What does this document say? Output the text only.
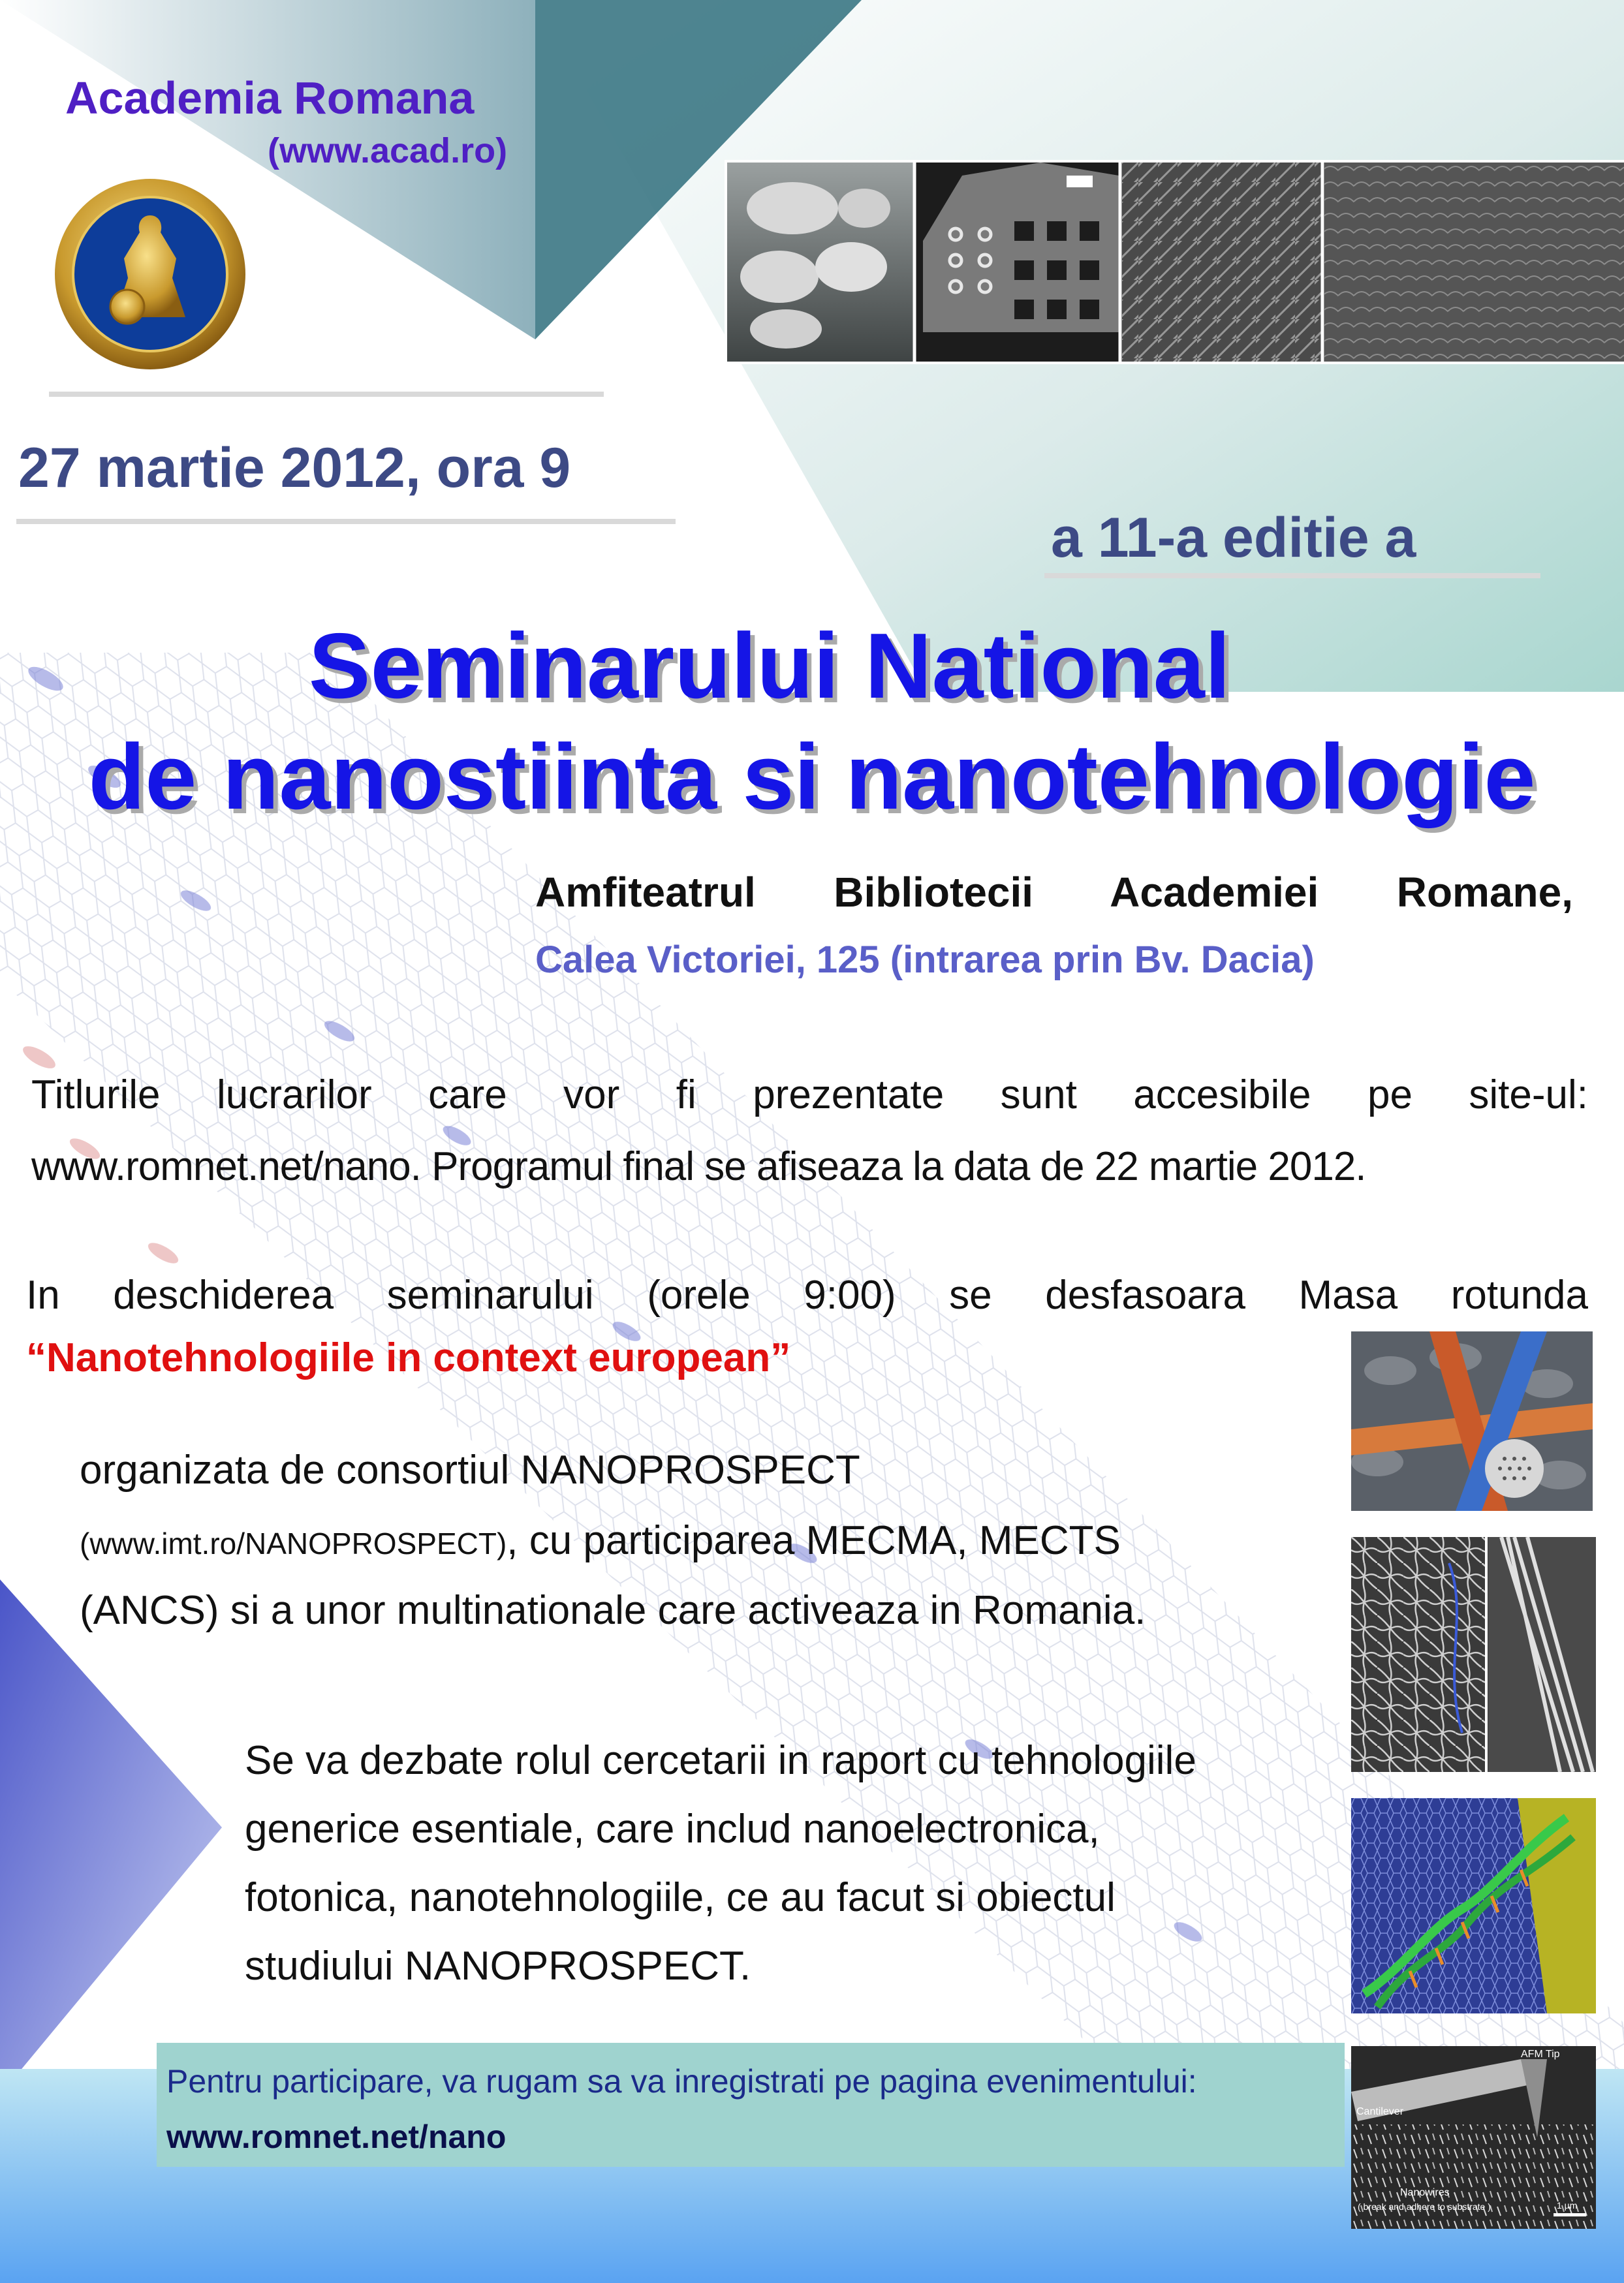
Academia Romana
(www.acad.ro)
27 martie 2012, ora 9
a 11-a editie a
Seminarului National
de nanostiinta si nanotehnologie
Amfiteatrul Bibliotecii Academiei Romane,
Calea Victoriei, 125 (intrarea prin Bv. Dacia)
Titlurile lucrarilor care vor fi prezentate sunt accesibile pe site-ul:
www.romnet.net/nano. Programul final se afiseaza la data de 22 martie 2012.
In deschiderea seminarului (orele 9:00) se desfasoara Masa rotunda
“Nanotehnologiile in context european”
organizata de consortiul NANOPROSPECT
(www.imt.ro/NANOPROSPECT), cu participarea MECMA, MECTS
(ANCS) si a unor multinationale care activeaza in Romania.
Se va dezbate rolul cercetarii in raport cu tehnologiile
generice esentiale, care includ nanoelectronica,
fotonica, nanotehnologiile, ce au facut si obiectul
studiului NANOPROSPECT.
AFM Tip
Cantilever
Nanowires
( break and adhere to substrate )	1 µm
Pentru participare, va rugam sa va inregistrati pe pagina evenimentului:
www.romnet.net/nano
